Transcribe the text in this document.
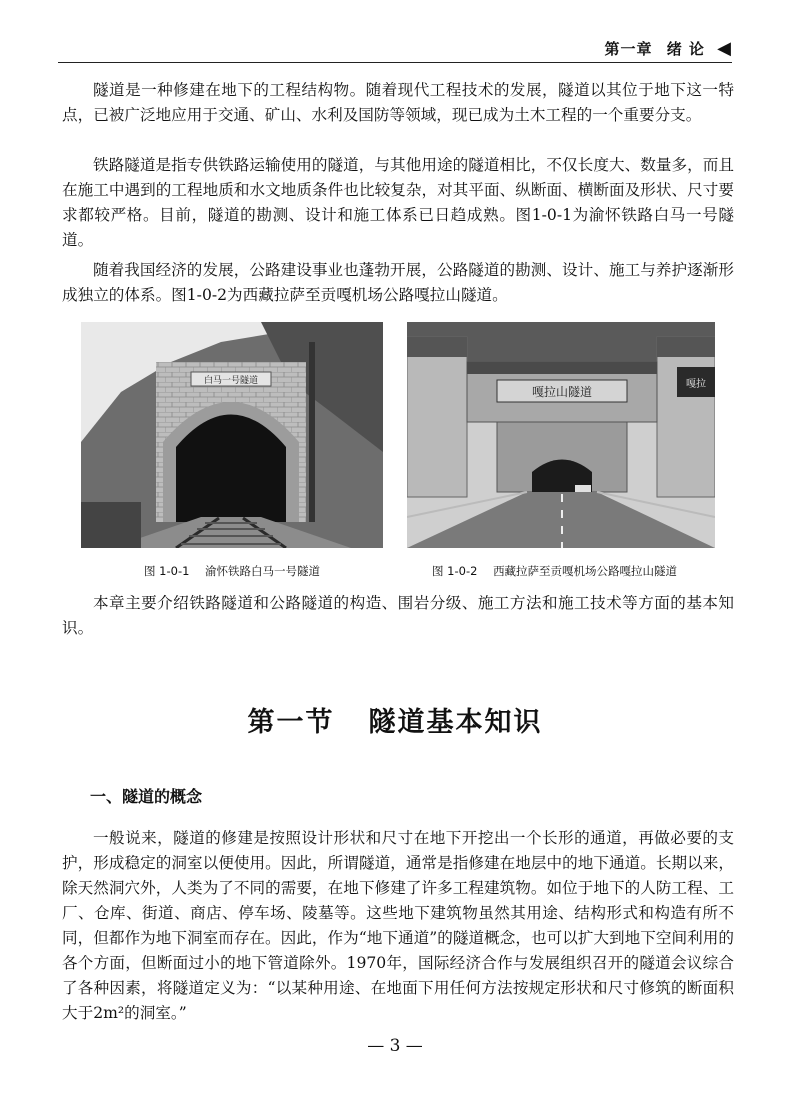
第一章 绪 论 ◀

隧道是一种修建在地下的工程结构物。随着现代工程技术的发展，隧道以其位于地下这一特点，已被广泛地应用于交通、矿山、水利及国防等领域，现已成为土木工程的一个重要分支。

铁路隧道是指专供铁路运输使用的隧道，与其他用途的隧道相比，不仅长度大、数量多，而且在施工中遇到的工程地质和水文地质条件也比较复杂，对其平面、纵断面、横断面及形状、尺寸要求都较严格。目前，隧道的勘测、设计和施工体系已日趋成熟。图1-0-1为渝怀铁路白马一号隧道。

随着我国经济的发展，公路建设事业也蓬勃开展，公路隧道的勘测、设计、施工与养护逐渐形成独立的体系。图1-0-2为西藏拉萨至贡嘎机场公路嘎拉山隧道。

白马一号隧道
嘎拉山隧道
嘎拉
图 1-0-1 渝怀铁路白马一号隧道	图 1-0-2 西藏拉萨至贡嘎机场公路嘎拉山隧道

本章主要介绍铁路隧道和公路隧道的构造、围岩分级、施工方法和施工技术等方面的基本知识。

第一节 隧道基本知识
一、隧道的概念

一般说来，隧道的修建是按照设计形状和尺寸在地下开挖出一个长形的通道，再做必要的支护，形成稳定的洞室以便使用。因此，所谓隧道，通常是指修建在地层中的地下通道。长期以来，除天然洞穴外，人类为了不同的需要，在地下修建了许多工程建筑物。如位于地下的人防工程、工厂、仓库、街道、商店、停车场、陵墓等。这些地下建筑物虽然其用途、结构形式和构造有所不同，但都作为地下洞室而存在。因此，作为“地下通道”的隧道概念，也可以扩大到地下空间利用的各个方面，但断面过小的地下管道除外。1970年，国际经济合作与发展组织召开的隧道会议综合了各种因素，将隧道定义为：“以某种用途、在地面下用任何方法按规定形状和尺寸修筑的断面积大于2m²的洞室。”

— 3 —
